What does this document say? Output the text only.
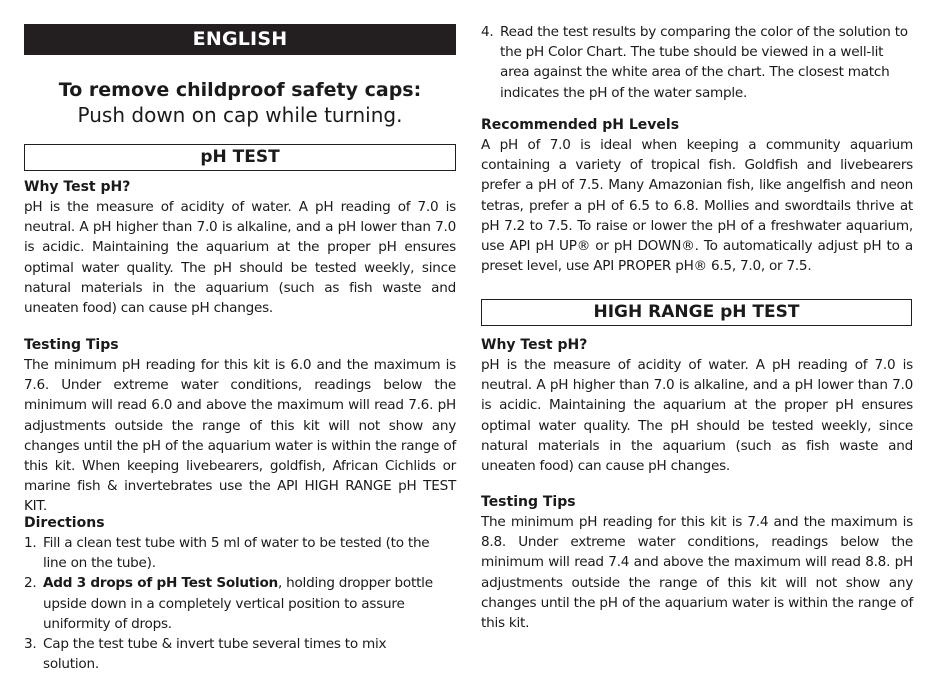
ENGLISH
To remove childproof safety caps:
Push down on cap while turning.
pH TEST
Why Test pH?
pH is the measure of acidity of water. A pH reading of 7.0 is neutral. A pH higher than 7.0 is alkaline, and a pH lower than 7.0 is acidic. Maintaining the aquarium at the proper pH ensures optimal water quality. The pH should be tested weekly, since natural materials in the aquarium (such as fish waste and uneaten food) can cause pH changes.
Testing Tips
The minimum pH reading for this kit is 6.0 and the maximum is 7.6. Under extreme water conditions, readings below the minimum will read 6.0 and above the maximum will read 7.6. pH adjustments outside the range of this kit will not show any changes until the pH of the aquarium water is within the range of this kit. When keeping livebearers, goldfish, African Cichlids or marine fish & invertebrates use the API HIGH RANGE pH TEST KIT.
Directions
1. Fill a clean test tube with 5 ml of water to be tested (to the line on the tube).
2. Add 3 drops of pH Test Solution, holding dropper bottle upside down in a completely vertical position to assure uniformity of drops.
3. Cap the test tube & invert tube several times to mix solution.
4. Read the test results by comparing the color of the solution to the pH Color Chart. The tube should be viewed in a well-lit area against the white area of the chart. The closest match indicates the pH of the water sample.
Recommended pH Levels
A pH of 7.0 is ideal when keeping a community aquarium containing a variety of tropical fish. Goldfish and livebearers prefer a pH of 7.5. Many Amazonian fish, like angelfish and neon tetras, prefer a pH of 6.5 to 6.8. Mollies and swordtails thrive at pH 7.2 to 7.5. To raise or lower the pH of a freshwater aquarium, use API pH UP® or pH DOWN®. To automatically adjust pH to a preset level, use API PROPER pH® 6.5, 7.0, or 7.5.
HIGH RANGE pH TEST
Why Test pH?
pH is the measure of acidity of water. A pH reading of 7.0 is neutral. A pH higher than 7.0 is alkaline, and a pH lower than 7.0 is acidic. Maintaining the aquarium at the proper pH ensures optimal water quality. The pH should be tested weekly, since natural materials in the aquarium (such as fish waste and uneaten food) can cause pH changes.
Testing Tips
The minimum pH reading for this kit is 7.4 and the maximum is 8.8. Under extreme water conditions, readings below the minimum will read 7.4 and above the maximum will read 8.8. pH adjustments outside the range of this kit will not show any changes until the pH of the aquarium water is within the range of this kit.
